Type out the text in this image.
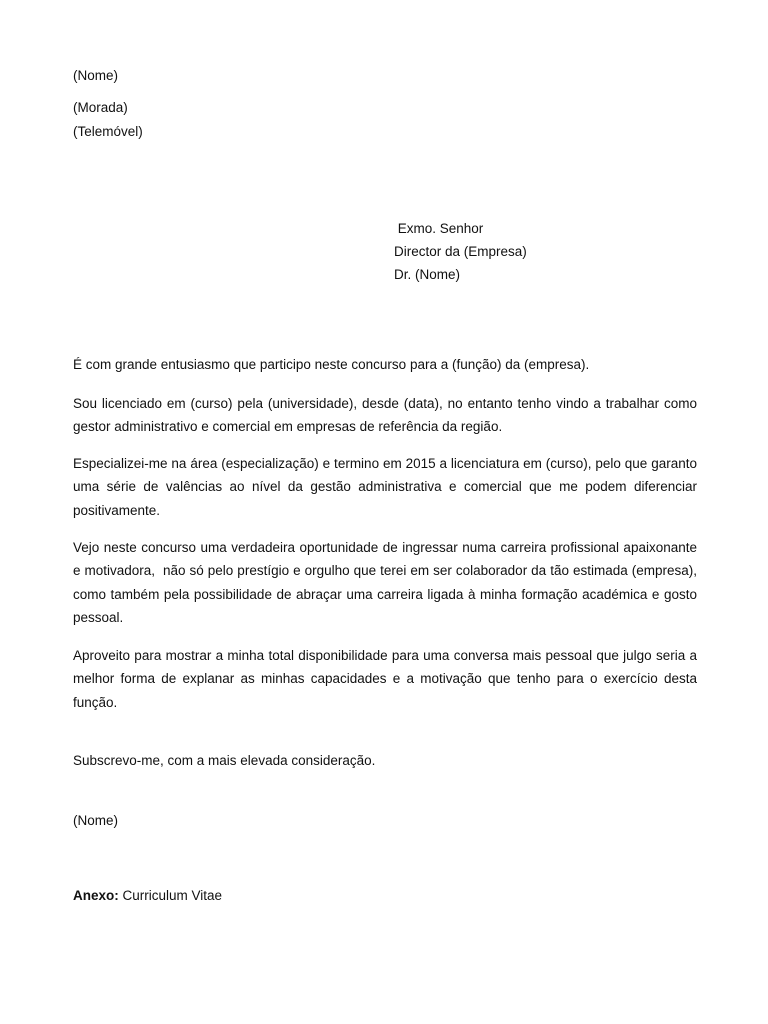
(Nome)
(Morada)
(Telemóvel)
Exmo. Senhor
Director da (Empresa)
Dr. (Nome)
É com grande entusiasmo que participo neste concurso para a (função) da (empresa).

Sou licenciado em (curso) pela (universidade), desde (data), no entanto tenho vindo a trabalhar como gestor administrativo e comercial em empresas de referência da região.

Especializei-me na área (especialização) e termino em 2015 a licenciatura em (curso), pelo que garanto uma série de valências ao nível da gestão administrativa e comercial que me podem diferenciar positivamente.

Vejo neste concurso uma verdadeira oportunidade de ingressar numa carreira profissional apaixonante e motivadora,  não só pelo prestígio e orgulho que terei em ser colaborador da tão estimada (empresa), como também pela possibilidade de abraçar uma carreira ligada à minha formação académica e gosto pessoal.

Aproveito para mostrar a minha total disponibilidade para uma conversa mais pessoal que julgo seria a melhor forma de explanar as minhas capacidades e a motivação que tenho para o exercício desta função.

Subscrevo-me, com a mais elevada consideração.
(Nome)
Anexo: Curriculum Vitae
